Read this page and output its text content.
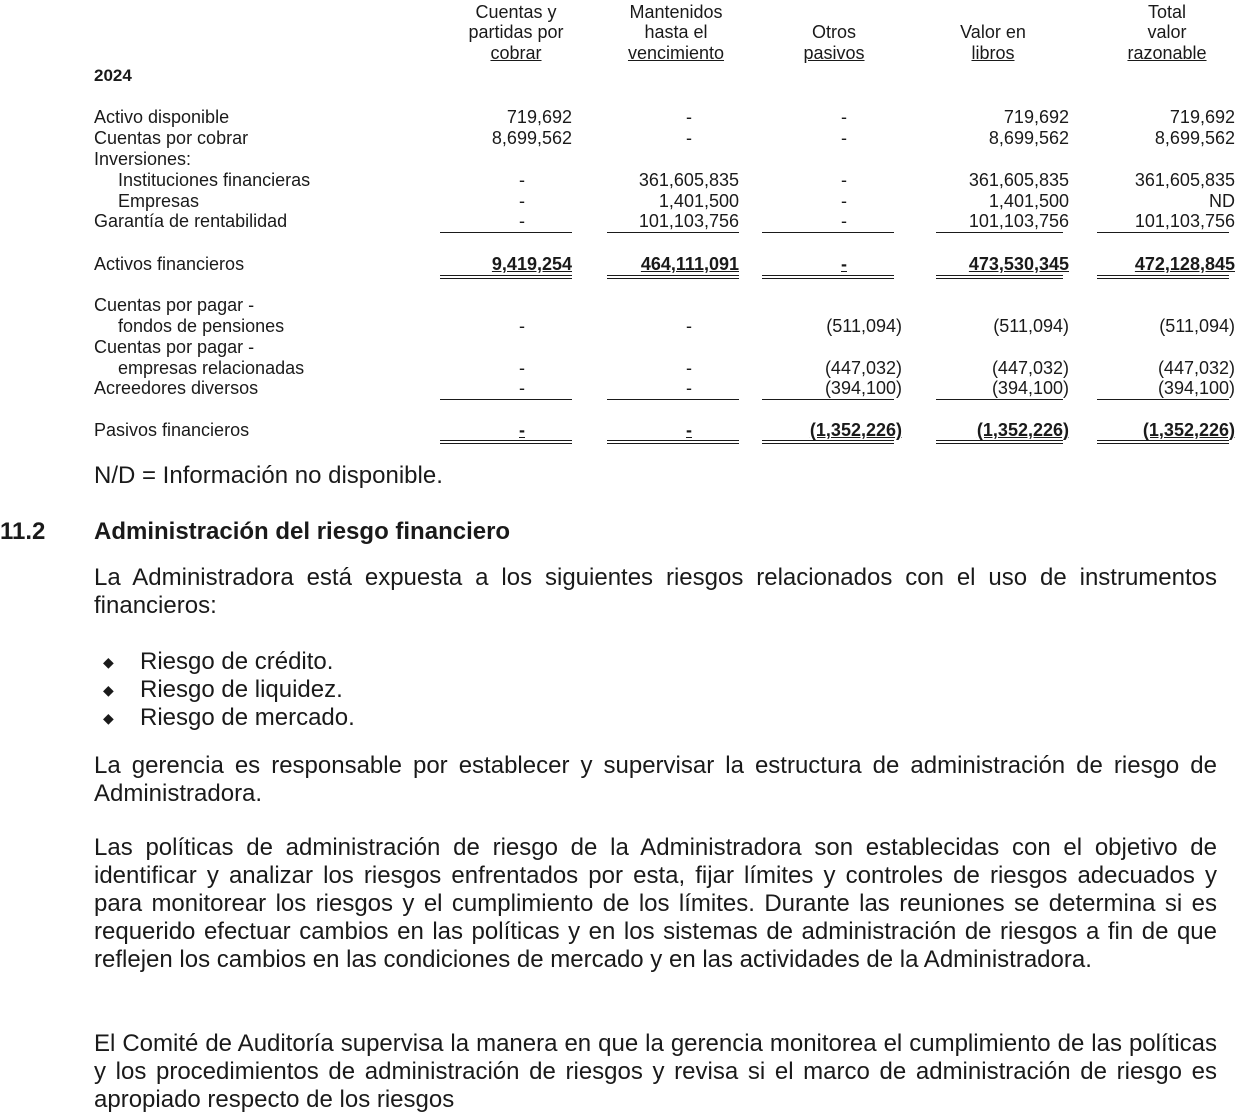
2024
Cuentas y
partidas por
cobrar
Mantenidos
hasta el
vencimiento
Otros
pasivos
Valor en
libros
Total
valor
razonable
Activo disponible	719,692	-	-	719,692	719,692
Cuentas por cobrar	8,699,562	-	-	8,699,562	8,699,562
Inversiones:
Instituciones financieras	-	361,605,835	-	361,605,835	361,605,835
Empresas	-	1,401,500	-	1,401,500	ND
Garantía de rentabilidad	-	101,103,756	-	101,103,756	101,103,756
Activos financieros	9,419,254	464,111,091	-	473,530,345	472,128,845
Cuentas por pagar -
fondos de pensiones	-	-	(511,094)	(511,094)	(511,094)
Cuentas por pagar -
empresas relacionadas	-	-	(447,032)	(447,032)	(447,032)
Acreedores diversos	-	-	(394,100)	(394,100)	(394,100)
Pasivos financieros	-	-	(1,352,226)	(1,352,226)	(1,352,226)
N/D = Información no disponible.
11.2 Administración del riesgo financiero

La Administradora está expuesta a los siguientes riesgos relacionados con el uso de instrumentos financieros:

◆ Riesgo de crédito.
◆ Riesgo de liquidez.
◆ Riesgo de mercado.

La gerencia es responsable por establecer y supervisar la estructura de administración de riesgo de Administradora.

Las políticas de administración de riesgo de la Administradora son establecidas con el objetivo de identificar y analizar los riesgos enfrentados por esta, fijar límites y controles de riesgos adecuados y para monitorear los riesgos y el cumplimiento de los límites. Durante las reuniones se determina si es requerido efectuar cambios en las políticas y en los sistemas de administración de riesgos a fin de que reflejen los cambios en las condiciones de mercado y en las actividades de la Administradora.

El Comité de Auditoría supervisa la manera en que la gerencia monitorea el cumplimiento de las políticas y los procedimientos de administración de riesgos y revisa si el marco de administración de riesgo es apropiado respecto de los riesgos
